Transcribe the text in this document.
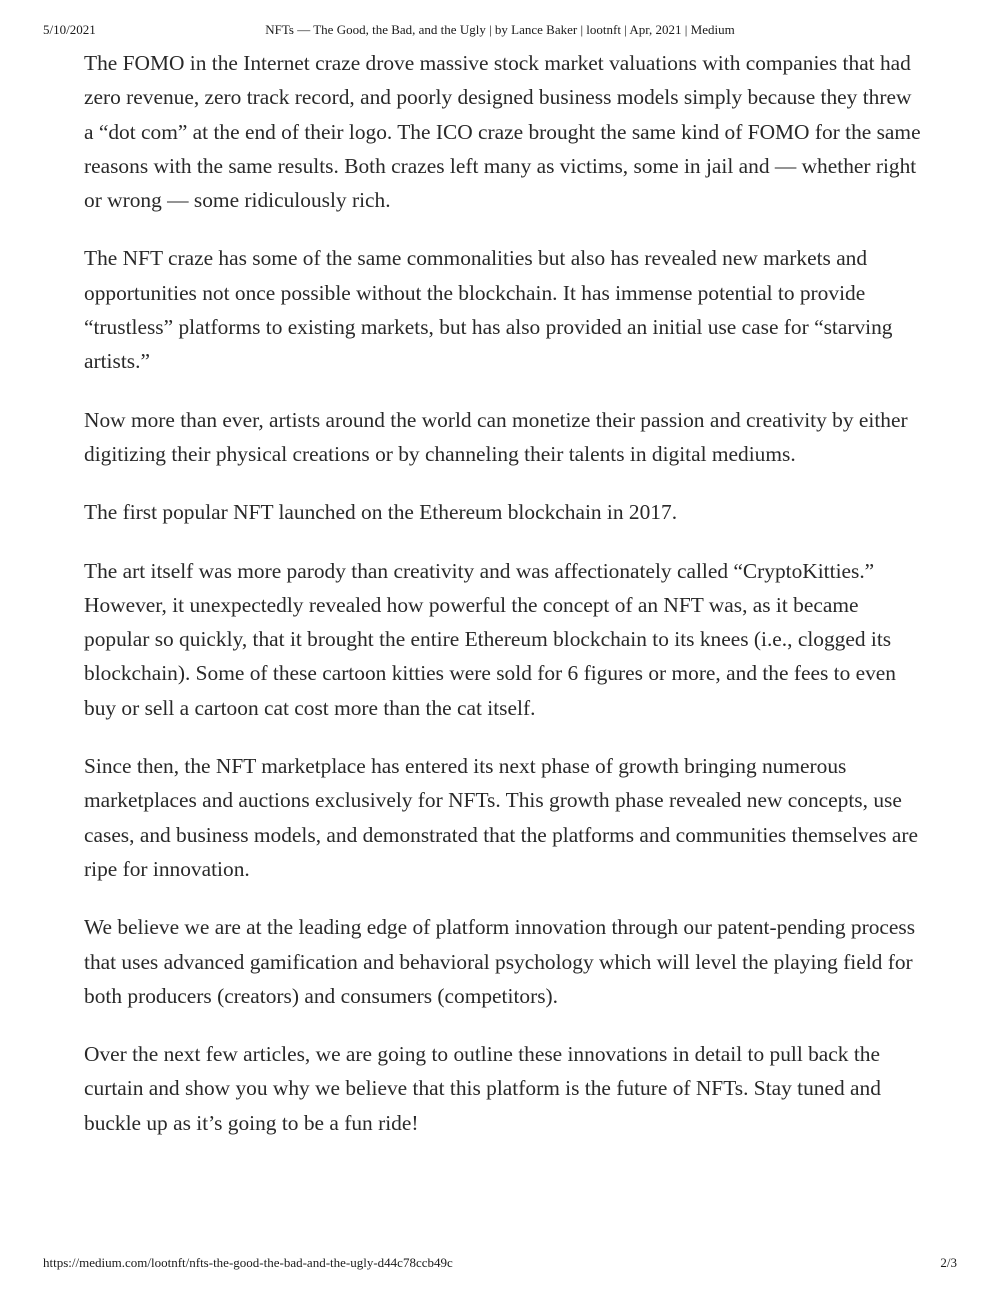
5/10/2021	NFTs — The Good, the Bad, and the Ugly | by Lance Baker | lootnft | Apr, 2021 | Medium

The FOMO in the Internet craze drove massive stock market valuations with companies that had zero revenue, zero track record, and poorly designed business models simply because they threw a “dot com” at the end of their logo. The ICO craze brought the same kind of FOMO for the same reasons with the same results. Both crazes left many as victims, some in jail and — whether right or wrong — some ridiculously rich.

The NFT craze has some of the same commonalities but also has revealed new markets and opportunities not once possible without the blockchain. It has immense potential to provide “trustless” platforms to existing markets, but has also provided an initial use case for “starving artists.”

Now more than ever, artists around the world can monetize their passion and creativity by either digitizing their physical creations or by channeling their talents in digital mediums.

The first popular NFT launched on the Ethereum blockchain in 2017.

The art itself was more parody than creativity and was affectionately called “CryptoKitties.” However, it unexpectedly revealed how powerful the concept of an NFT was, as it became popular so quickly, that it brought the entire Ethereum blockchain to its knees (i.e., clogged its blockchain). Some of these cartoon kitties were sold for 6 figures or more, and the fees to even buy or sell a cartoon cat cost more than the cat itself.

Since then, the NFT marketplace has entered its next phase of growth bringing numerous marketplaces and auctions exclusively for NFTs. This growth phase revealed new concepts, use cases, and business models, and demonstrated that the platforms and communities themselves are ripe for innovation.

We believe we are at the leading edge of platform innovation through our patent-pending process that uses advanced gamification and behavioral psychology which will level the playing field for both producers (creators) and consumers (competitors).

Over the next few articles, we are going to outline these innovations in detail to pull back the curtain and show you why we believe that this platform is the future of NFTs. Stay tuned and buckle up as it’s going to be a fun ride!

https://medium.com/lootnft/nfts-the-good-the-bad-and-the-ugly-d44c78ccb49c	2/3
